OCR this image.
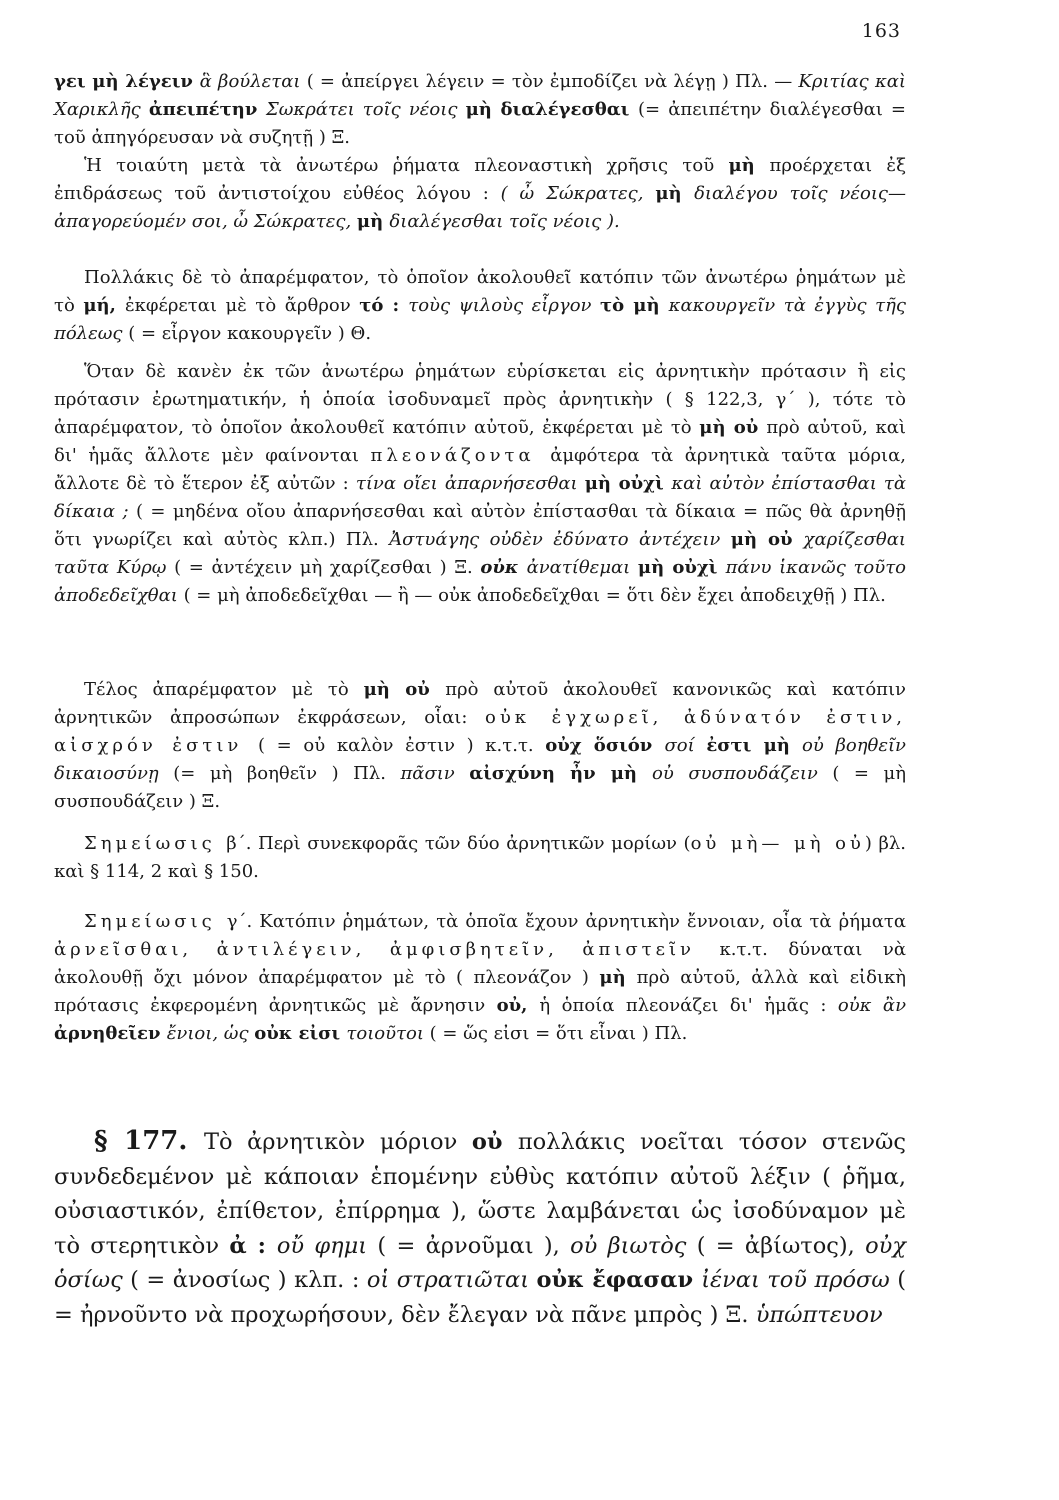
163

γει μὴ λέγειν ἃ βούλεται ( = ἀπείργει λέγειν = τὸν ἐμποδίζει νὰ λέγῃ ) Πλ. — Κριτίας καὶ Χαρικλῆς ἀπειπέτην Σωκράτει τοῖς νέοις μὴ διαλέγεσθαι (= ἀπειπέτην διαλέγεσθαι = τοῦ ἀπηγόρευσαν νὰ συζητῇ ) Ξ.

Ἡ τοιαύτη μετὰ τὰ ἀνωτέρω ῥήματα πλεοναστικὴ χρῆσις τοῦ μὴ προέρχεται ἐξ ἐπιδράσεως τοῦ ἀντιστοίχου εὐθέος λόγου : ( ὦ Σώκρατες, μὴ διαλέγου τοῖς νέοις—ἀπαγορεύομέν σοι, ὦ Σώκρατες, μὴ διαλέγεσθαι τοῖς νέοις ).

Πολλάκις δὲ τὸ ἀπαρέμφατον, τὸ ὁποῖον ἀκολουθεῖ κατόπιν τῶν ἀνωτέρω ῥημάτων μὲ τὸ μή, ἐκφέρεται μὲ τὸ ἄρθρον τό : τοὺς ψιλοὺς εἶργον τὸ μὴ κακουργεῖν τὰ ἐγγὺς τῆς πόλεως ( = εἶργον κακουργεῖν ) Θ.

Ὅταν δὲ κανὲν ἐκ τῶν ἀνωτέρω ῥημάτων εὑρίσκεται εἰς ἀρνητικὴν πρότασιν ἢ εἰς πρότασιν ἐρωτηματικήν, ἡ ὁποία ἰσοδυναμεῖ πρὸς ἀρνητικὴν ( § 122,3, γ΄ ), τότε τὸ ἀπαρέμφατον, τὸ ὁποῖον ἀκολουθεῖ κατόπιν αὐτοῦ, ἐκφέρεται μὲ τὸ μὴ οὐ πρὸ αὐτοῦ, καὶ δι' ἡμᾶς ἄλλοτε μὲν φαίνονται πλεονάζοντα ἀμφότερα τὰ ἀρνητικὰ ταῦτα μόρια, ἄλλοτε δὲ τὸ ἕτερον ἐξ αὐτῶν : τίνα οἴει ἀπαρνήσεσθαι μὴ οὐχὶ καὶ αὐτὸν ἐπίστασθαι τὰ δίκαια ; ( = μηδένα οἴου ἀπαρνήσεσθαι καὶ αὐτὸν ἐπίστασθαι τὰ δίκαια = πῶς θὰ ἀρνηθῇ ὅτι γνωρίζει καὶ αὐτὸς κλπ.) Πλ. Ἀστυάγης οὐδὲν ἐδύνατο ἀντέχειν μὴ οὐ χαρίζεσθαι ταῦτα Κύρῳ ( = ἀντέχειν μὴ χαρίζεσθαι ) Ξ. οὐκ ἀνατίθεμαι μὴ οὐχὶ πάνυ ἱκανῶς τοῦτο ἀποδεδεῖχθαι ( = μὴ ἀποδεδεῖχθαι — ἢ — οὐκ ἀποδεδεῖχθαι = ὅτι δὲν ἔχει ἀποδειχθῇ ) Πλ.

Τέλος ἀπαρέμφατον μὲ τὸ μὴ οὐ πρὸ αὐτοῦ ἀκολουθεῖ κανονικῶς καὶ κατόπιν ἀρνητικῶν ἀπροσώπων ἐκφράσεων, οἷαι: οὐκ ἐγχωρεῖ, ἀδύνατόν ἐστιν, αἰσχρόν ἐστιν ( = οὐ καλὸν ἐστιν ) κ.τ.τ. οὐχ ὅσιόν σοί ἐστι μὴ οὐ βοηθεῖν δικαιοσύνῃ (= μὴ βοηθεῖν ) Πλ. πᾶσιν αἰσχύνη ἦν μὴ οὐ συσπουδάζειν ( = μὴ συσπουδάζειν ) Ξ.

Σημείωσις β΄. Περὶ συνεκφορᾶς τῶν δύο ἀρνητικῶν μορίων (οὐ μὴ— μὴ οὐ) βλ. καὶ § 114, 2 καὶ § 150.

Σημείωσις γ΄. Κατόπιν ῥημάτων, τὰ ὁποῖα ἔχουν ἀρνητικὴν ἔννοιαν, οἷα τὰ ῥήματα ἀρνεῖσθαι, ἀντιλέγειν, ἀμφισβητεῖν, ἀπιστεῖν κ.τ.τ. δύναται νὰ ἀκολουθῇ ὄχι μόνον ἀπαρέμφατον μὲ τὸ ( πλεονάζον ) μὴ πρὸ αὐτοῦ, ἀλλὰ καὶ εἰδικὴ πρότασις ἐκφερομένη ἀρνητικῶς μὲ ἄρνησιν οὐ, ἡ ὁποία πλεονάζει δι' ἡμᾶς : οὐκ ἂν ἀρνηθεῖεν ἔνιοι, ὡς οὐκ εἰσι τοιοῦτοι ( = ὥς εἰσι = ὅτι εἶναι ) Πλ.

§ 177. Τὸ ἀρνητικὸν μόριον οὐ πολλάκις νοεῖται τόσον στενῶς συνδεδεμένον μὲ κάποιαν ἑπομένην εὐθὺς κατόπιν αὐτοῦ λέξιν ( ῥῆμα, οὐσιαστικόν, ἐπίθετον, ἐπίρρημα ), ὥστε λαμβάνεται ὡς ἰσοδύναμον μὲ τὸ στερητικὸν ἀ : οὔ φημι ( = ἀρνοῦμαι ), οὐ βιωτὸς ( = ἀβίωτος), οὐχ ὁσίως ( = ἀνοσίως ) κλπ. : οἱ στρατιῶται οὐκ ἔφασαν ἰέναι τοῦ πρόσω ( = ἠρνοῦντο νὰ προχωρήσουν, δὲν ἔλεγαν νὰ πᾶνε μπρὸς ) Ξ. ὑπώπτευον
